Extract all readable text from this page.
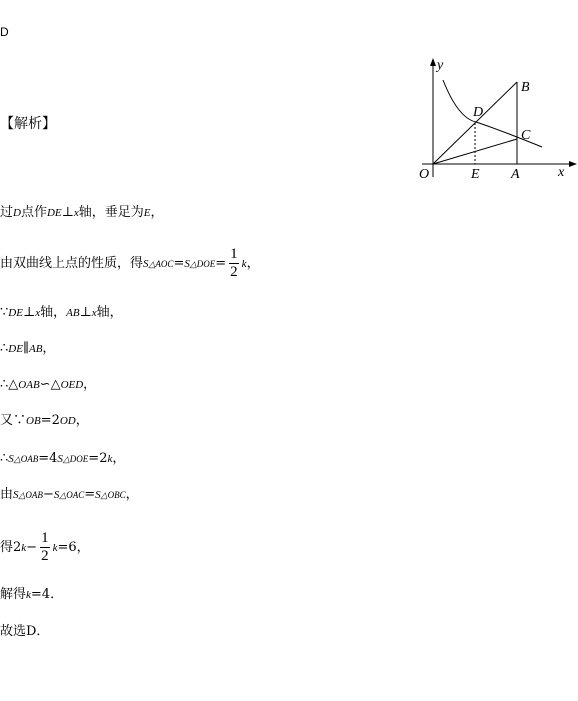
D
【解析】
y
x
O	E A
B
C
D
过D点作DE⊥x轴，垂足为E，
由双曲线上点的性质，得S△AOC=S△DOE= $\frac{1}{2}$ k，
∵DE⊥x轴，AB⊥x轴，
∴DE∥AB，
∴△OAB∽△OED，
又∵OB=2OD，
∴S△OAB=4S△DOE=2k，
由S△OAB−S△OAC=S△OBC，
得$2k- \frac{1}{2} k=6$，
解得k=4．
故选D．
